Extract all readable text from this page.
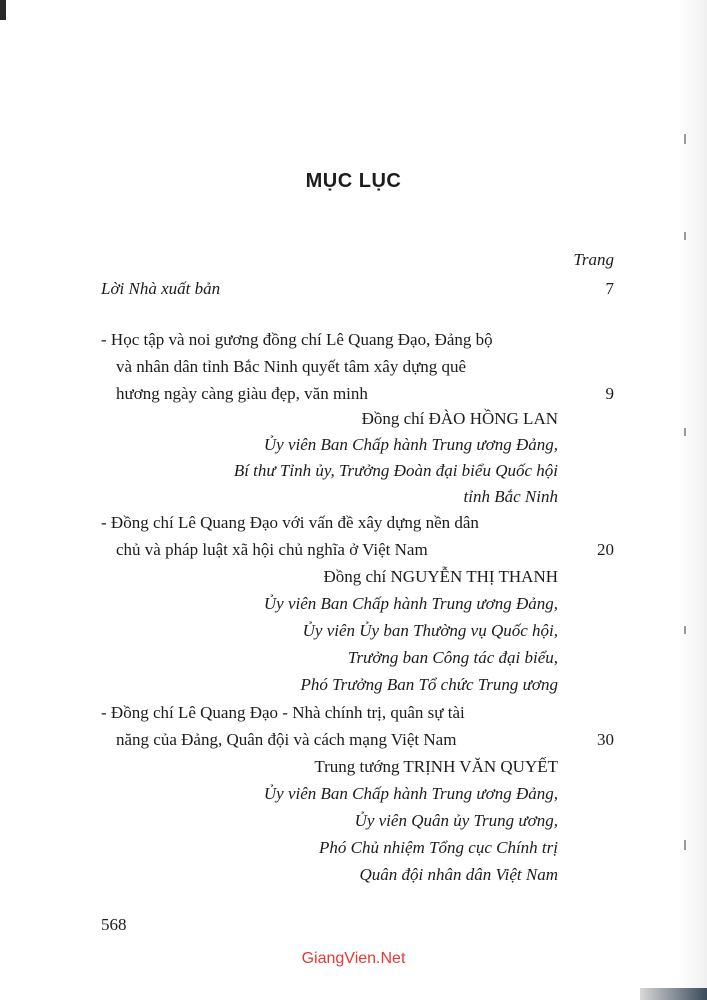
MỤC LỤC
Trang
Lời Nhà xuất bản	7
- Học tập và noi gương đồng chí Lê Quang Đạo, Đảng bộ
và nhân dân tỉnh Bắc Ninh quyết tâm xây dựng quê
hương ngày càng giàu đẹp, văn minh	9
Đồng chí ĐÀO HỒNG LAN
Ủy viên Ban Chấp hành Trung ương Đảng,
Bí thư Tỉnh ủy, Trưởng Đoàn đại biểu Quốc hội
tỉnh Bắc Ninh
- Đồng chí Lê Quang Đạo với vấn đề xây dựng nền dân
chủ và pháp luật xã hội chủ nghĩa ở Việt Nam	20
Đồng chí NGUYỄN THỊ THANH
Ủy viên Ban Chấp hành Trung ương Đảng,
Ủy viên Ủy ban Thường vụ Quốc hội,
Trưởng ban Công tác đại biểu,
Phó Trưởng Ban Tổ chức Trung ương
- Đồng chí Lê Quang Đạo - Nhà chính trị, quân sự tài
năng của Đảng, Quân đội và cách mạng Việt Nam	30
Trung tướng TRỊNH VĂN QUYẾT
Ủy viên Ban Chấp hành Trung ương Đảng,
Ủy viên Quân ủy Trung ương,
Phó Chủ nhiệm Tổng cục Chính trị
Quân đội nhân dân Việt Nam
568
GiangVien.Net
